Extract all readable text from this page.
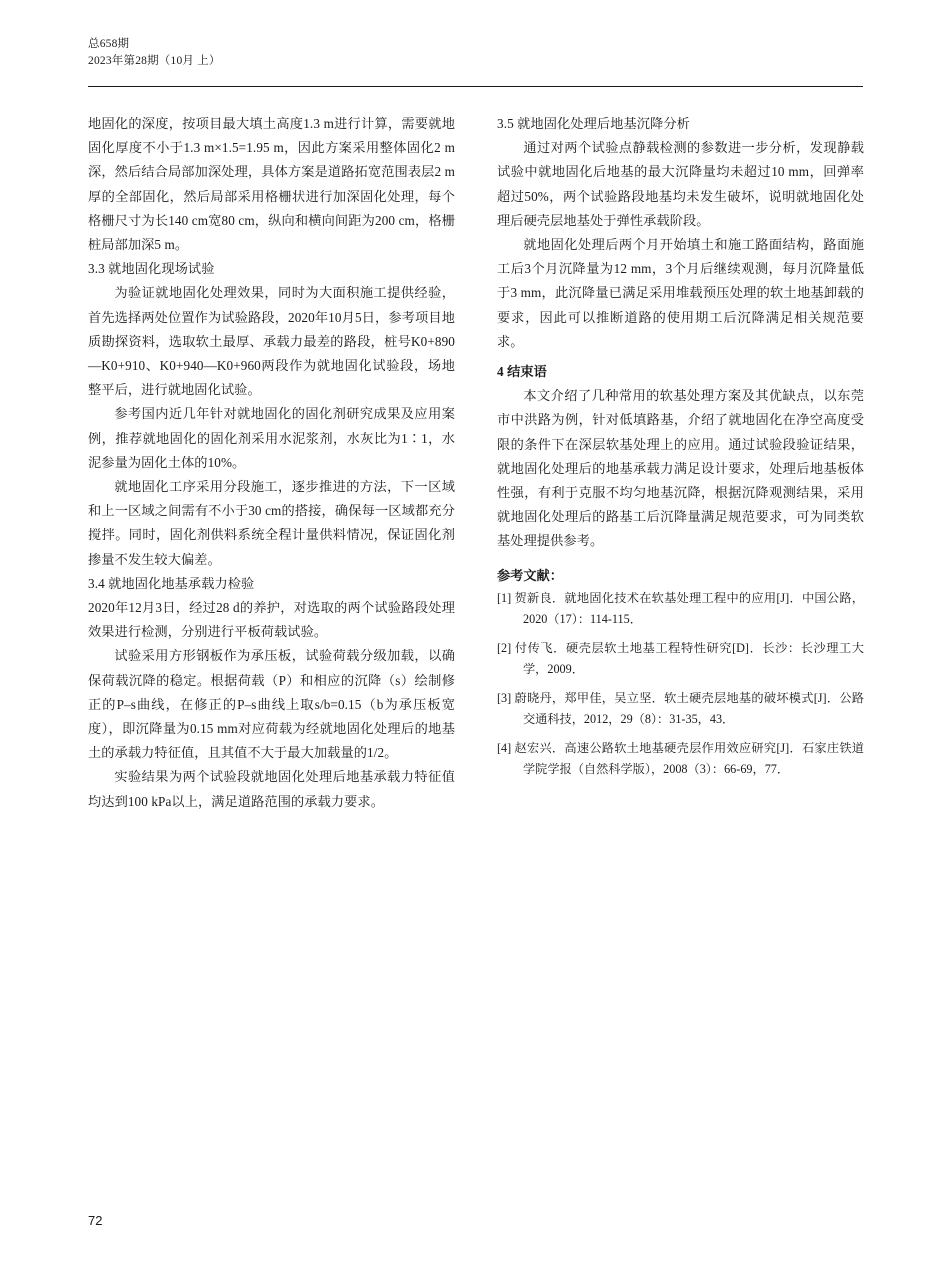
总658期
2023年第28期（10月 上）

地固化的深度，按项目最大填土高度1.3 m进行计算，需要就地固化厚度不小于1.3 m×1.5=1.95 m，因此方案采用整体固化2 m深，然后结合局部加深处理，具体方案是道路拓宽范围表层2 m厚的全部固化，然后局部采用格栅状进行加深固化处理，每个格栅尺寸为长140 cm宽80 cm，纵向和横向间距为200 cm，格栅桩局部加深5 m。

3.3 就地固化现场试验

为验证就地固化处理效果，同时为大面积施工提供经验，首先选择两处位置作为试验路段，2020年10月5日，参考项目地质勘探资料，选取软土最厚、承载力最差的路段，桩号K0+890—K0+910、K0+940—K0+960两段作为就地固化试验段，场地整平后，进行就地固化试验。

参考国内近几年针对就地固化的固化剂研究成果及应用案例，推荐就地固化的固化剂采用水泥浆剂，水灰比为1∶1，水泥参量为固化土体的10%。

就地固化工序采用分段施工，逐步推进的方法，下一区域和上一区域之间需有不小于30 cm的搭接，确保每一区域都充分搅拌。同时，固化剂供料系统全程计量供料情况，保证固化剂掺量不发生较大偏差。

3.4 就地固化地基承载力检验

2020年12月3日，经过28 d的养护，对选取的两个试验路段处理效果进行检测，分别进行平板荷载试验。

试验采用方形钢板作为承压板，试验荷载分级加载，以确保荷载沉降的稳定。根据荷载（P）和相应的沉降（s）绘制修正的P–s曲线，在修正的P–s曲线上取s/b=0.15（b为承压板宽度），即沉降量为0.15 mm对应荷载为经就地固化处理后的地基土的承载力特征值，且其值不大于最大加载量的1/2。

实验结果为两个试验段就地固化处理后地基承载力特征值均达到100 kPa以上，满足道路范围的承载力要求。

3.5 就地固化处理后地基沉降分析

通过对两个试验点静载检测的参数进一步分析，发现静载试验中就地固化后地基的最大沉降量均未超过10 mm，回弹率超过50%，两个试验路段地基均未发生破坏，说明就地固化处理后硬壳层地基处于弹性承载阶段。

就地固化处理后两个月开始填土和施工路面结构，路面施工后3个月沉降量为12 mm，3个月后继续观测，每月沉降量低于3 mm，此沉降量已满足采用堆载预压处理的软土地基卸载的要求，因此可以推断道路的使用期工后沉降满足相关规范要求。

4 结束语

本文介绍了几种常用的软基处理方案及其优缺点，以东莞市中洪路为例，针对低填路基，介绍了就地固化在净空高度受限的条件下在深层软基处理上的应用。通过试验段验证结果，就地固化处理后的地基承载力满足设计要求，处理后地基板体性强，有利于克服不均匀地基沉降，根据沉降观测结果，采用就地固化处理后的路基工后沉降量满足规范要求，可为同类软基处理提供参考。

参考文献：
[1] 贺新良．就地固化技术在软基处理工程中的应用[J]．中国公路，2020（17）：114-115．
[2] 付传飞．硬壳层软土地基工程特性研究[D]．长沙：长沙理工大学，2009．
[3] 蔚晓丹，郑甲佳，吴立坚．软土硬壳层地基的破坏模式[J]．公路交通科技，2012，29（8）：31-35，43．
[4] 赵宏兴．高速公路软土地基硬壳层作用效应研究[J]．石家庄铁道学院学报（自然科学版），2008（3）：66-69，77．
72
